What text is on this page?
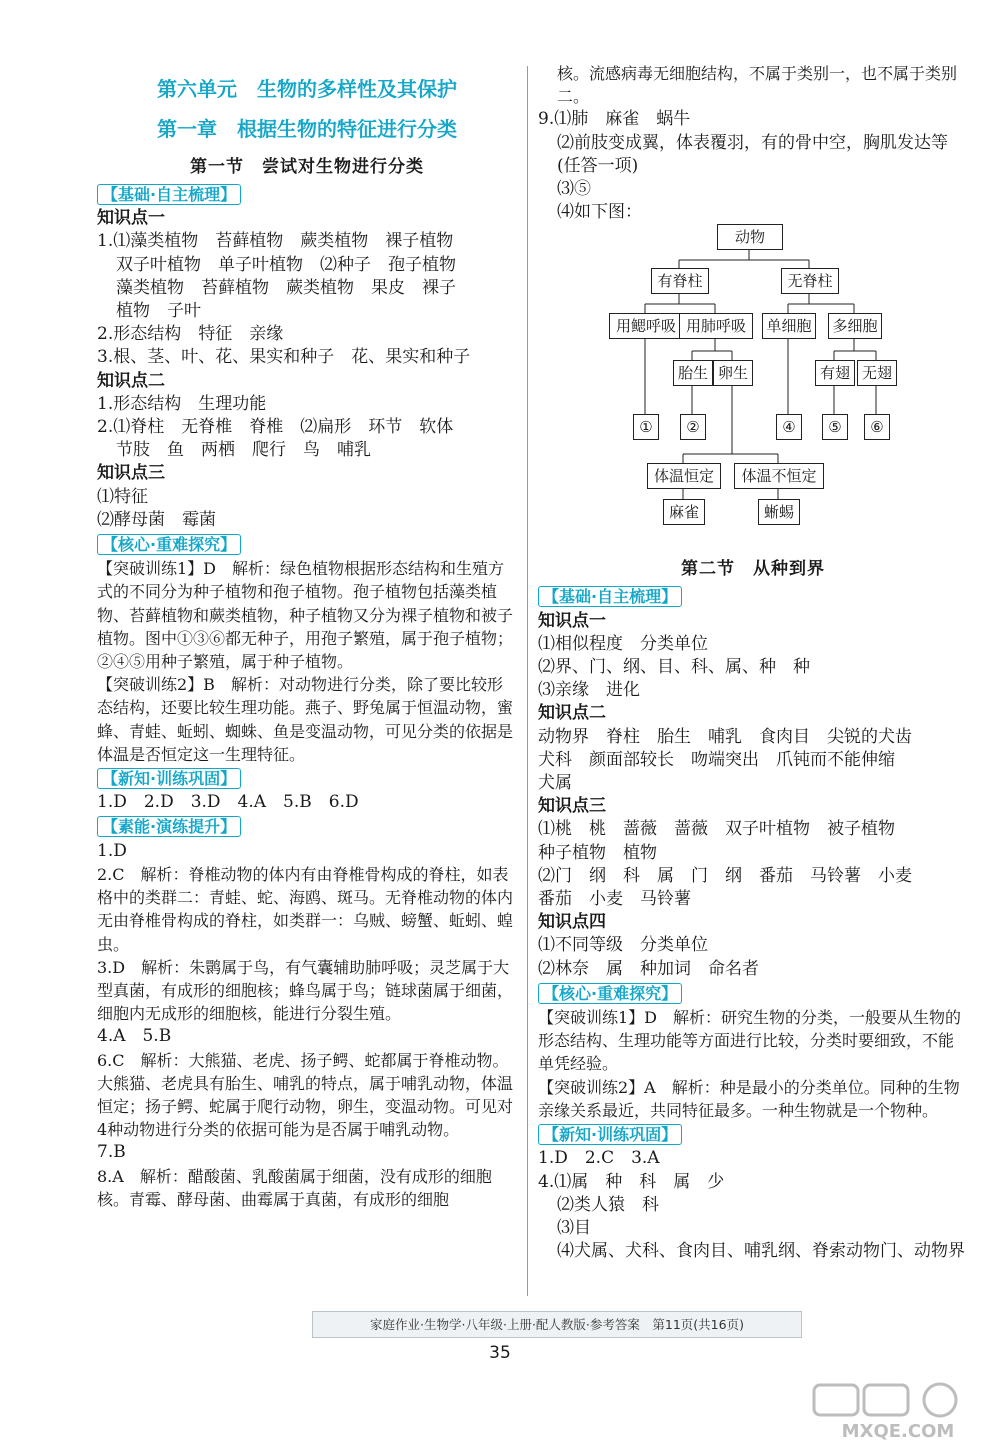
第六单元　生物的多样性及其保护
第一章　根据生物的特征进行分类
第一节　尝试对生物进行分类
【基础·自主梳理】
知识点一
1.⑴藻类植物　苔藓植物　蕨类植物　裸子植物
双子叶植物　单子叶植物　⑵种子　孢子植物
藻类植物　苔藓植物　蕨类植物　果皮　裸子
植物　子叶
2.形态结构　特征　亲缘
3.根、茎、叶、花、果实和种子　花、果实和种子
知识点二
1.形态结构　生理功能
2.⑴脊柱　无脊椎　脊椎　⑵扁形　环节　软体
节肢　鱼　两栖　爬行　鸟　哺乳
知识点三
⑴特征
⑵酵母菌　霉菌
【核心·重难探究】
【突破训练1】D　解析：绿色植物根据形态结构和生殖方式的不同分为种子植物和孢子植物。孢子植物包括藻类植物、苔藓植物和蕨类植物，种子植物又分为裸子植物和被子植物。图中①③⑥都无种子，用孢子繁殖，属于孢子植物；②④⑤用种子繁殖，属于种子植物。
【突破训练2】B　解析：对动物进行分类，除了要比较形态结构，还要比较生理功能。燕子、野兔属于恒温动物，蜜蜂、青蛙、蚯蚓、蜘蛛、鱼是变温动物，可见分类的依据是体温是否恒定这一生理特征。
【新知·训练巩固】
1.D　2.D　3.D　4.A　5.B　6.D
【素能·演练提升】
1.D
2.C　解析：脊椎动物的体内有由脊椎骨构成的脊柱，如表格中的类群二：青蛙、蛇、海鸥、斑马。无脊椎动物的体内无由脊椎骨构成的脊柱，如类群一：乌贼、螃蟹、蚯蚓、蝗虫。
3.D　解析：朱鹮属于鸟，有气囊辅助肺呼吸；灵芝属于大型真菌，有成形的细胞核；蜂鸟属于鸟；链球菌属于细菌，细胞内无成形的细胞核，能进行分裂生殖。
4.A　5.B
6.C　解析：大熊猫、老虎、扬子鳄、蛇都属于脊椎动物。大熊猫、老虎具有胎生、哺乳的特点，属于哺乳动物，体温恒定；扬子鳄、蛇属于爬行动物，卵生，变温动物。可见对4种动物进行分类的依据可能为是否属于哺乳动物。
7.B
8.A　解析：醋酸菌、乳酸菌属于细菌，没有成形的细胞核。青霉、酵母菌、曲霉属于真菌，有成形的细胞
核。流感病毒无细胞结构，不属于类别一，也不属于类别二。
9.⑴肺　麻雀　蜗牛
⑵前肢变成翼，体表覆羽，有的骨中空，胸肌发达等(任答一项)
⑶⑤
⑷如下图：
动物
有脊柱	无脊柱
用鳃呼吸 用肺呼吸	单细胞	多细胞
胎生 卵生	有翅 无翅
①	②	④	⑤	⑥
体温恒定	体温不恒定
麻雀	蜥蜴
第二节　从种到界
【基础·自主梳理】
知识点一
⑴相似程度　分类单位
⑵界、门、纲、目、科、属、种　种
⑶亲缘　进化
知识点二
动物界　脊柱　胎生　哺乳　食肉目　尖锐的犬齿
犬科　颜面部较长　吻端突出　爪钝而不能伸缩
犬属
知识点三
⑴桃　桃　蔷薇　蔷薇　双子叶植物　被子植物
种子植物　植物
⑵门　纲　科　属　门　纲　番茄　马铃薯　小麦
番茄　小麦　马铃薯
知识点四
⑴不同等级　分类单位
⑵林奈　属　种加词　命名者
【核心·重难探究】
【突破训练1】D　解析：研究生物的分类，一般要从生物的形态结构、生理功能等方面进行比较，分类时要细致，不能单凭经验。
【突破训练2】A　解析：种是最小的分类单位。同种的生物亲缘关系最近，共同特征最多。一种生物就是一个物种。
【新知·训练巩固】
1.D　2.C　3.A
4.⑴属　种　科　属　少
⑵类人猿　科
⑶目
⑷犬属、犬科、食肉目、哺乳纲、脊索动物门、动物界
家庭作业·生物学·八年级·上册·配人教版·参考答案　第11页(共16页)
35
MXQE.COM
